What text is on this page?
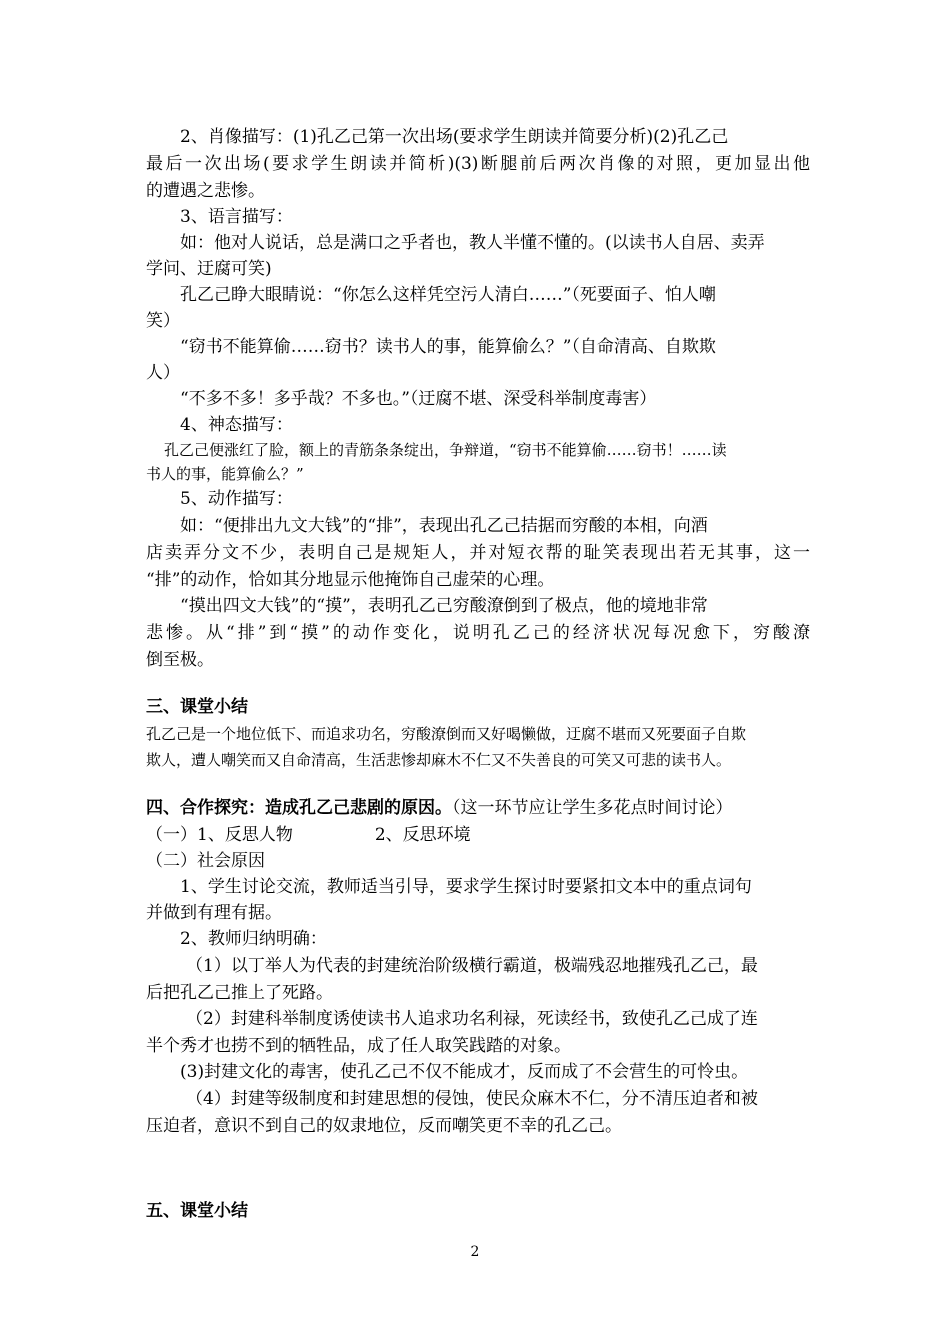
2、肖像描写：(1)孔乙己第一次出场(要求学生朗读并简要分析)(2)孔乙己
最后一次出场(要求学生朗读并简析)(3)断腿前后两次肖像的对照，更加显出他
的遭遇之悲惨。
3、语言描写：
如：他对人说话，总是满口之乎者也，教人半懂不懂的。(以读书人自居、卖弄
学问、迂腐可笑)
孔乙己睁大眼睛说：“你怎么这样凭空污人清白……”（死要面子、怕人嘲
笑）
“窃书不能算偷……窃书？读书人的事，能算偷么？”（自命清高、自欺欺
人）
“不多不多！多乎哉？不多也。”（迂腐不堪、深受科举制度毒害）
4、神态描写：
孔乙己便涨红了脸，额上的青筋条条绽出，争辩道，“窃书不能算偷……窃书！……读
书人的事，能算偷么？”
5、动作描写：
如：“便排出九文大钱”的“排”，表现出孔乙己拮据而穷酸的本相，向酒
店卖弄分文不少，表明自己是规矩人，并对短衣帮的耻笑表现出若无其事，这一
“排”的动作，恰如其分地显示他掩饰自己虚荣的心理。
“摸出四文大钱”的“摸”，表明孔乙己穷酸潦倒到了极点，他的境地非常
悲惨。从“排”到“摸”的动作变化，说明孔乙己的经济状况每况愈下，穷酸潦
倒至极。
三、课堂小结
孔乙己是一个地位低下、而追求功名，穷酸潦倒而又好喝懒做，迂腐不堪而又死要面子自欺
欺人，遭人嘲笑而又自命清高，生活悲惨却麻木不仁又不失善良的可笑又可悲的读书人。
四、合作探究：造成孔乙己悲剧的原因。（这一环节应让学生多花点时间讨论）
（一）1、反思人物	2、反思环境
（二）社会原因
1、学生讨论交流，教师适当引导，要求学生探讨时要紧扣文本中的重点词句
并做到有理有据。
2、教师归纳明确：
（1）以丁举人为代表的封建统治阶级横行霸道，极端残忍地摧残孔乙己，最
后把孔乙己推上了死路。
（2）封建科举制度诱使读书人追求功名利禄，死读经书，致使孔乙己成了连
半个秀才也捞不到的牺牲品，成了任人取笑践踏的对象。
(3)封建文化的毒害，使孔乙己不仅不能成才，反而成了不会营生的可怜虫。
（4）封建等级制度和封建思想的侵蚀，使民众麻木不仁，分不清压迫者和被
压迫者，意识不到自己的奴隶地位，反而嘲笑更不幸的孔乙己。
五、课堂小结
2
